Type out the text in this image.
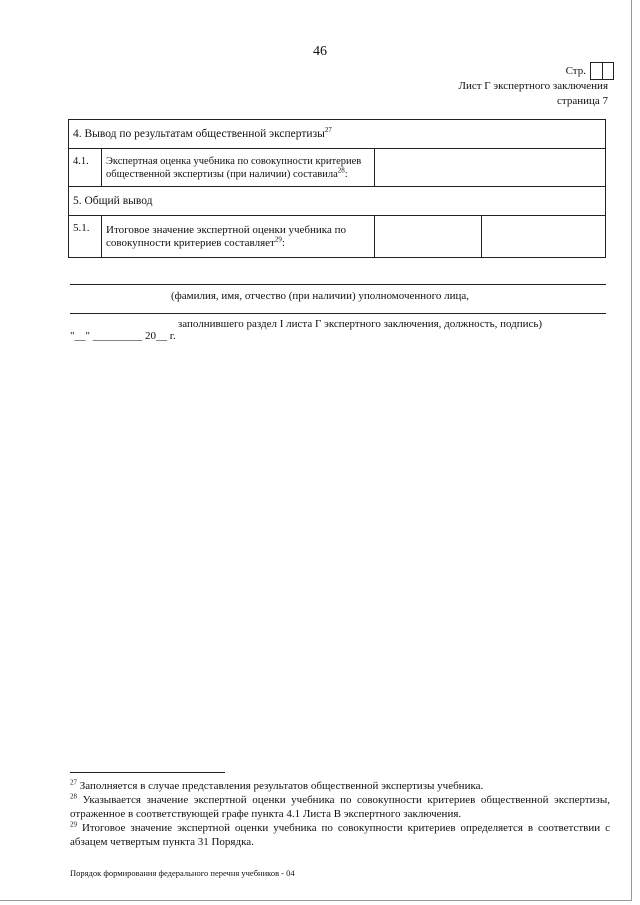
46
Стр.
Лист Г экспертного заключения
страница 7
4. Вывод по результатам общественной экспертизы$^{27}$
4.1.	Экспертная оценка учебника по совокупности критериев общественной экспертизы (при наличии) составила$^{28}$:		
5. Общий вывод			
5.1.	Итоговое значение экспертной оценки учебника по совокупности критериев составляет$^{29}$:		
(фамилия, имя, отчество (при наличии) уполномоченного лица,
заполнившего раздел I листа Г экспертного заключения, должность, подпись)
"__" _________ 20__ г.

$^{27}$ Заполняется в случае представления результатов общественной экспертизы учебника.

$^{28}$ Указывается значение экспертной оценки учебника по совокупности критериев общественной экспертизы, отраженное в соответствующей графе пункта 4.1 Листа В экспертного заключения.

$^{29}$ Итоговое значение экспертной оценки учебника по совокупности критериев определяется в соответствии с абзацем четвертым пункта 31 Порядка.

Порядок формирования федерального перечня учебников - 04
